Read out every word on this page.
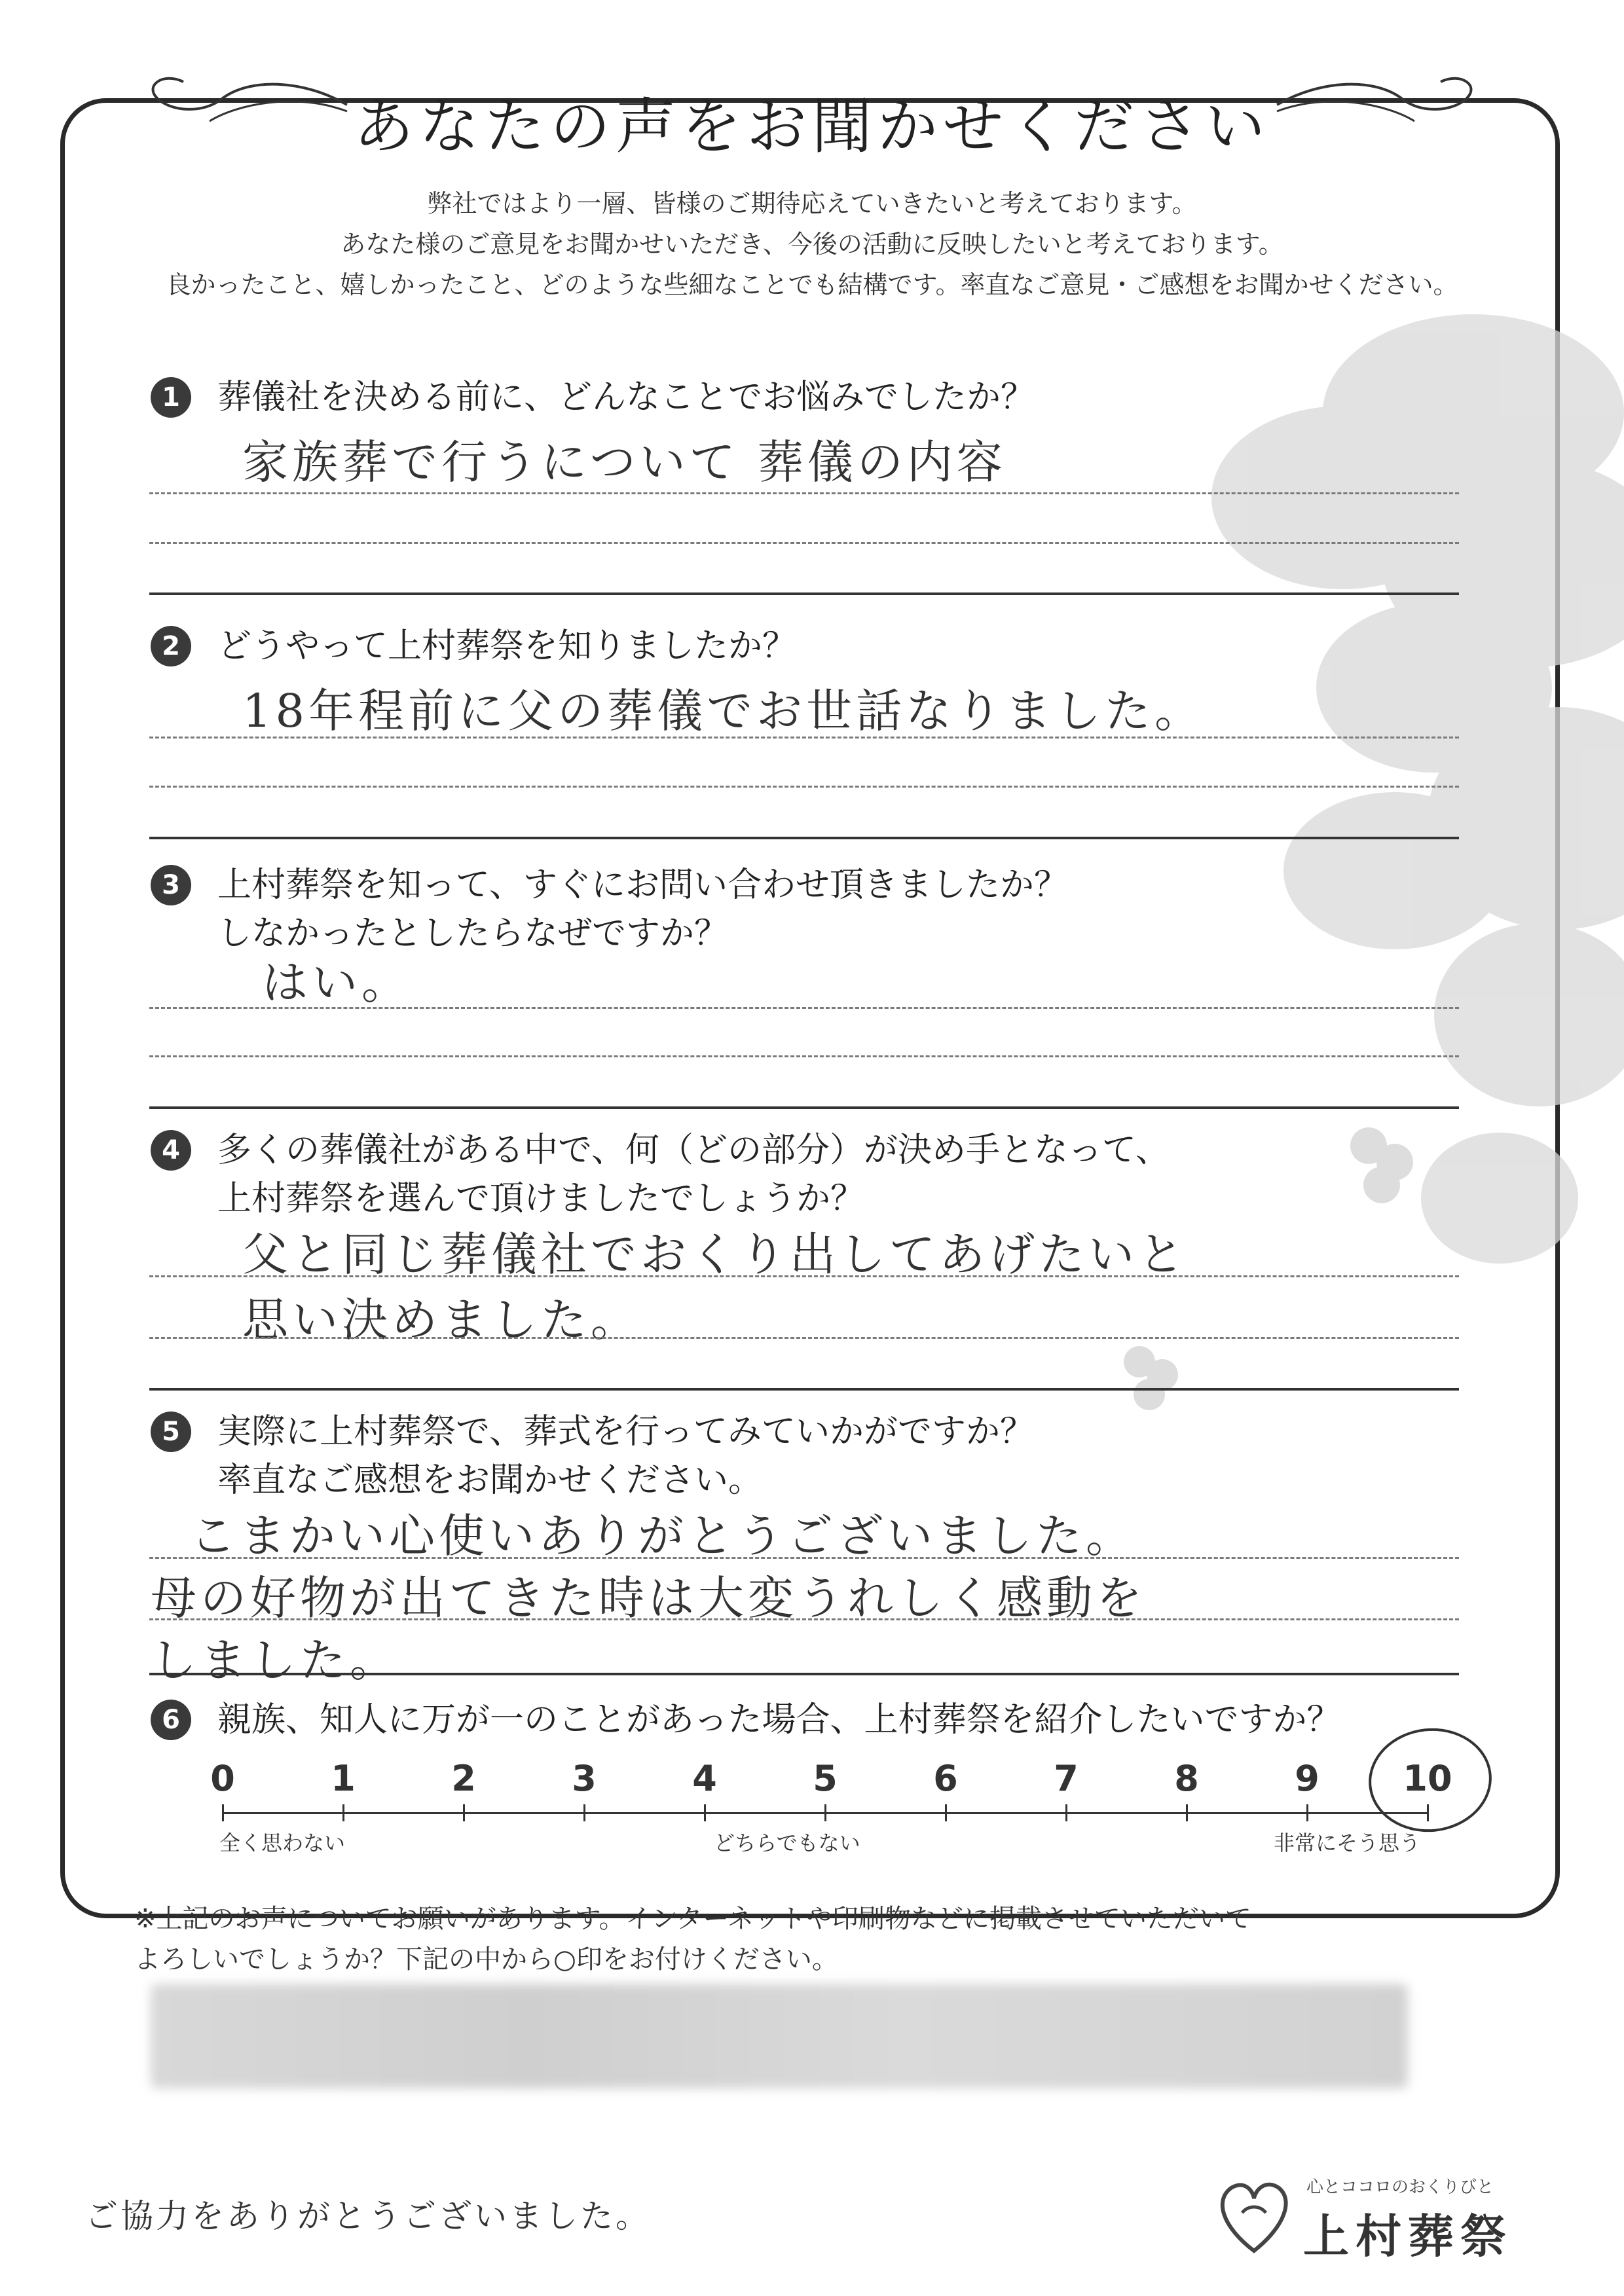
あなたの声をお聞かせください
弊社ではより一層、皆様のご期待応えていきたいと考えております。
あなた様のご意見をお聞かせいただき、今後の活動に反映したいと考えております。
良かったこと、嬉しかったこと、どのような些細なことでも結構です。率直なご意見・ご感想をお聞かせください。
1	葬儀社を決める前に、どんなことでお悩みでしたか？
家族葬で行うについて 葬儀の内容
2	どうやって上村葬祭を知りましたか？
18年程前に父の葬儀でお世話なりました。
3	上村葬祭を知って、すぐにお問い合わせ頂きましたか？
しなかったとしたらなぜですか？
はい。
4	多くの葬儀社がある中で、何（どの部分）が決め手となって、
上村葬祭を選んで頂けましたでしょうか？
父と同じ葬儀社でおくり出してあげたいと
思い決めました。
5	実際に上村葬祭で、葬式を行ってみていかがですか？
率直なご感想をお聞かせください。
こまかい心使いありがとうございました。
母の好物が出てきた時は大変うれしく感動を
しました。
6	親族、知人に万が一のことがあった場合、上村葬祭を紹介したいですか？
0	1	2	3	4	5	6	7	8	9	10
全く思わない	どちらでもない	非常にそう思う
※上記のお声についてお願いがあります。インターネットや印刷物などに掲載させていただいて
よろしいでしょうか？下記の中から○印をお付けください。
ご協力をありがとうございました。
心とココロのおくりびと
上村葬祭
